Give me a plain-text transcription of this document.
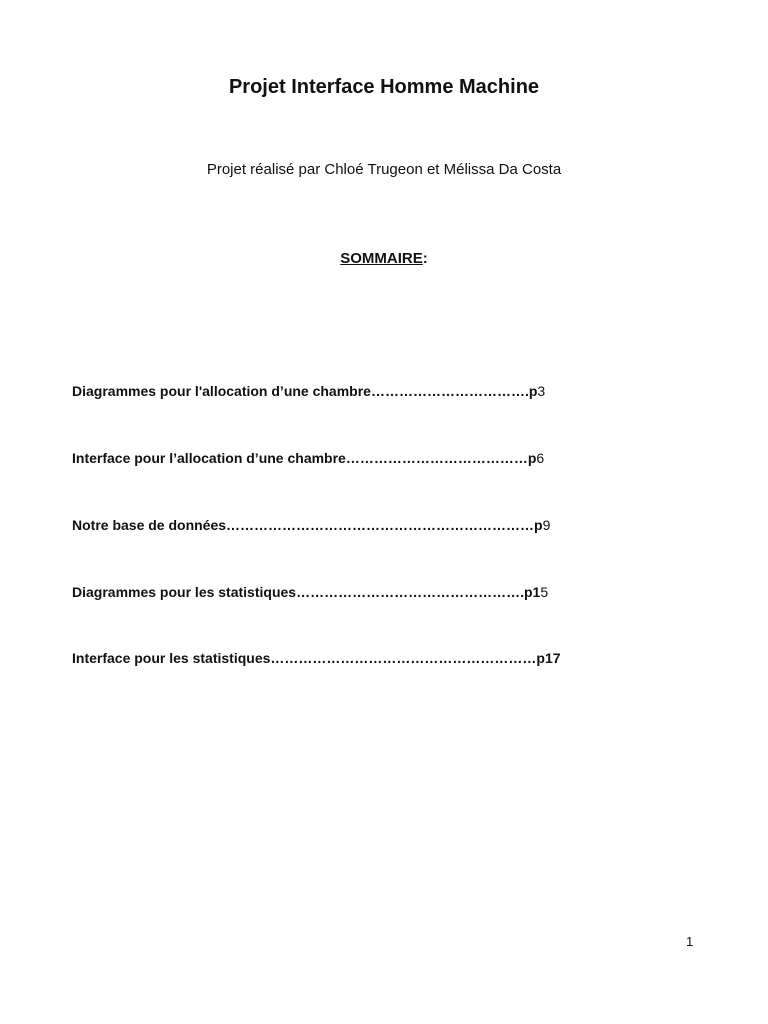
Projet Interface Homme Machine
Projet réalisé par Chloé Trugeon et Mélissa Da Costa
SOMMAIRE:
Diagrammes pour l'allocation d’une chambre…………………………….p3
Interface pour l’allocation d’une chambre…………………………………p6
Notre base de données…………………………………………………………p9
Diagrammes pour les statistiques………………………………………….p15
Interface pour les statistiques…………………………………………………p17
1
